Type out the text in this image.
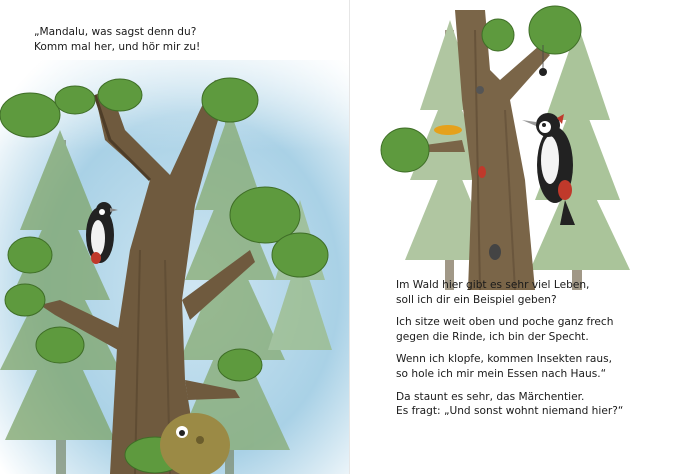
„Mandalu, was sagst denn du?
Komm mal her, und hör mir zu!

Im Wald hier gibt es sehr viel Leben,
soll ich dir ein Beispiel geben?

Ich sitze weit oben und poche ganz frech
gegen die Rinde, ich bin der Specht.

Wenn ich klopfe, kommen Insekten raus,
so hole ich mir mein Essen nach Haus.“

Da staunt es sehr, das Märchentier.
Es fragt: „Und sonst wohnt niemand hier?“
